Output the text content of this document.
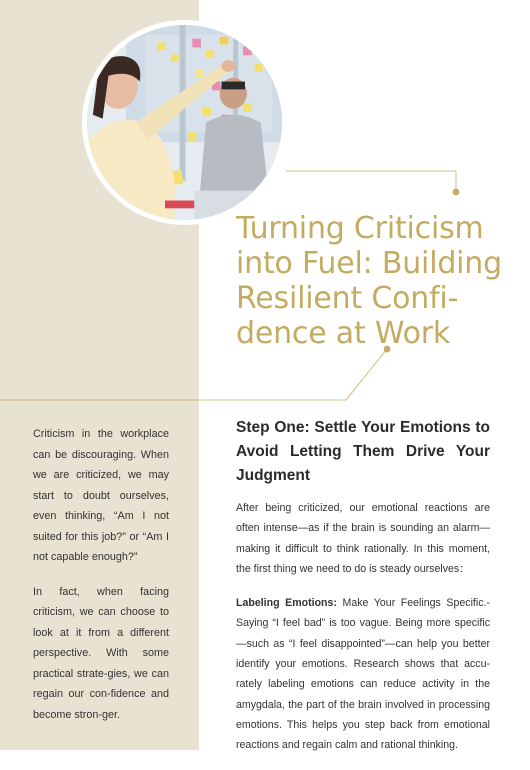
Turning Criticism
into Fuel: Building
Resilient Confi-
dence at Work

Criticism in the workplace can be discouraging. When we are criticized, we may start to doubt ourselves, even thinking, “Am I not suited for this job?” or “Am I not capable enough?”

In fact, when facing criticism, we can choose to look at it from a different perspective. With some practical strate-gies, we can regain our con-fidence and become stron-ger.

Step One: Settle Your Emotions to Avoid Letting Them Drive Your Judgment

After being criticized, our emotional reactions are often intense—as if the brain is sounding an alarm—making it difficult to think rationally. In this moment, the first thing we need to do is steady ourselves：

Labeling Emotions: Make Your Feelings Specific.-Saying “I feel bad” is too vague. Being more specific—such as “I feel disappointed”—can help you better identify your emotions. Research shows that accu-rately labeling emotions can reduce activity in the amygdala, the part of the brain involved in processing emotions. This helps you step back from emotional reactions and regain calm and rational thinking.
